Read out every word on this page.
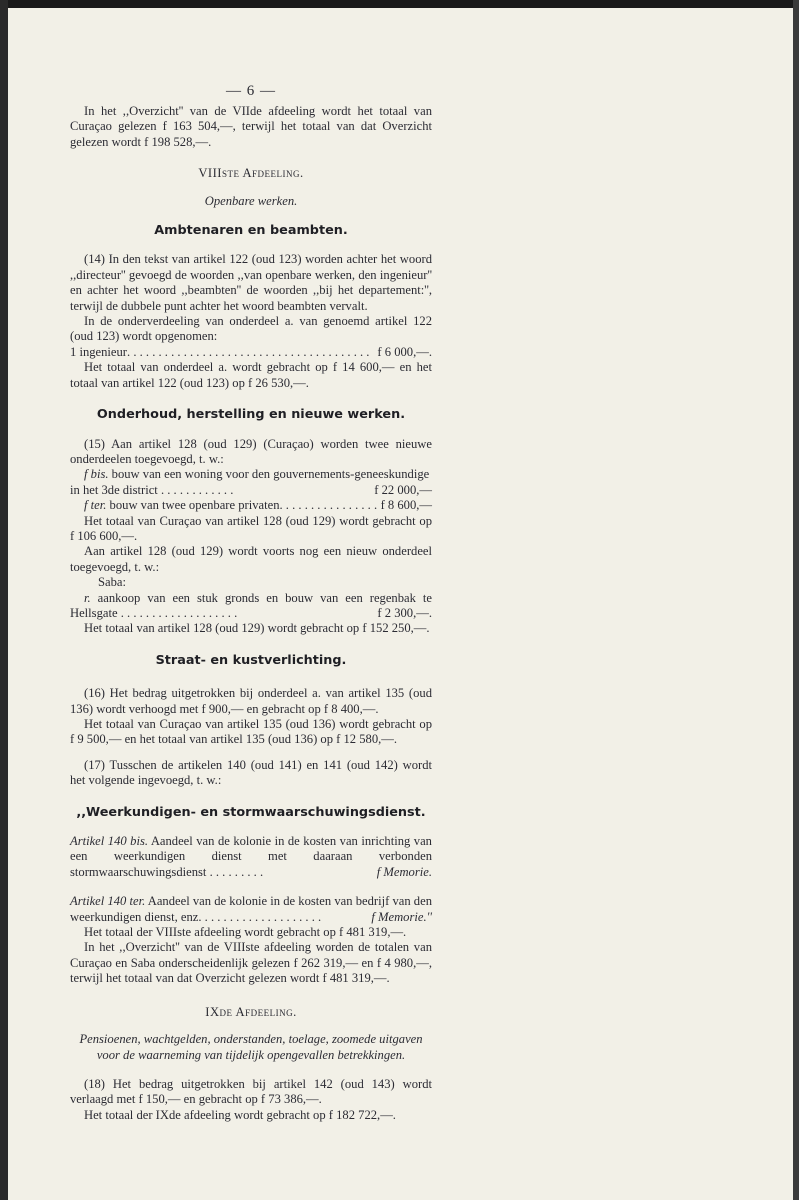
— 6 —

In het ,,Overzicht'' van de VIIde afdeeling wordt het totaal van Curaçao gelezen f 163 504,—, terwijl het totaal van dat Overzicht gelezen wordt f 198 528,—.

VIIIste Afdeeling.

Openbare werken.

Ambtenaren en beambten.

(14) In den tekst van artikel 122 (oud 123) worden achter het woord ,,directeur'' gevoegd de woorden ,,van openbare werken, den ingenieur'' en achter het woord ,,beambten'' de woorden ,,bij het departement:'', terwijl de dubbele punt achter het woord beambten vervalt.

In de onderverdeeling van onderdeel a. van genoemd artikel 122 (oud 123) wordt opgenomen:

1 ingenieur . . .	f 6 000,—.

Het totaal van onderdeel a. wordt gebracht op f 14 600,— en het totaal van artikel 122 (oud 123) op f 26 530,—.

Onderhoud, herstelling en nieuwe werken.

(15) Aan artikel 128 (oud 129) (Curaçao) worden twee nieuwe onderdeelen toegevoegd, t. w.:

f bis. bouw van een woning voor den gouvernements-geneeskundige in het 3de district . . . . . . . . . . . .	f 22 000,—
f ter. bouw van twee openbare privaten . . .	f 8 600,—

Het totaal van Curaçao van artikel 128 (oud 129) wordt gebracht op f 106 600,—.

Aan artikel 128 (oud 129) wordt voorts nog een nieuw onderdeel toegevoegd, t. w.:

Saba:

r. aankoop van een stuk gronds en bouw van een regenbak te Hellsgate . . . . . . . . . . . . . . . . . . .	f 2 300,—.

Het totaal van artikel 128 (oud 129) wordt gebracht op f 152 250,—.

Straat- en kustverlichting.

(16) Het bedrag uitgetrokken bij onderdeel a. van artikel 135 (oud 136) wordt verhoogd met f 900,— en gebracht op f 8 400,—.

Het totaal van Curaçao van artikel 135 (oud 136) wordt gebracht op f 9 500,— en het totaal van artikel 135 (oud 136) op f 12 580,—.

(17) Tusschen de artikelen 140 (oud 141) en 141 (oud 142) wordt het volgende ingevoegd, t. w.:

,,Weerkundigen- en stormwaarschuwingsdienst.

Artikel 140 bis. Aandeel van de kolonie in de kosten van inrichting van een weerkundigen dienst met daaraan verbonden stormwaarschuwingsdienst . . . . . . . . .	f Memorie.
Artikel 140 ter. Aandeel van de kolonie in de kosten van bedrijf van den weerkundigen dienst, enz. . . . . . . . . . . . . . . . . . . .	f Memorie.''

Het totaal der VIIIste afdeeling wordt gebracht op f 481 319,—.

In het ,,Overzicht'' van de VIIIste afdeeling worden de totalen van Curaçao en Saba onderscheidenlijk gelezen f 262 319,— en f 4 980,—, terwijl het totaal van dat Overzicht gelezen wordt f 481 319,—.

IXde Afdeeling.

Pensioenen, wachtgelden, onderstanden, toelage, zoomede uitgaven voor de waarneming van tijdelijk opengevallen betrekkingen.

(18) Het bedrag uitgetrokken bij artikel 142 (oud 143) wordt verlaagd met f 150,— en gebracht op f 73 386,—.

Het totaal der IXde afdeeling wordt gebracht op f 182 722,—.
